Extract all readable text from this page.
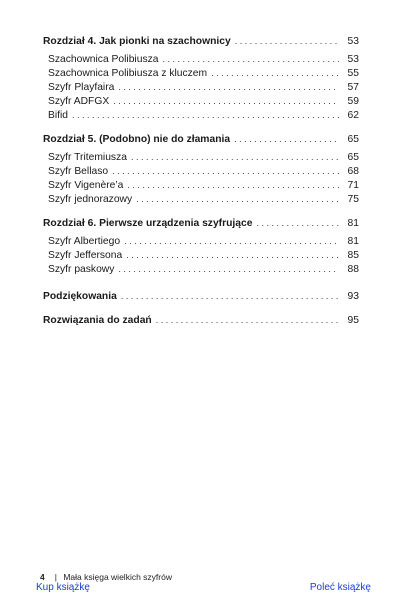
Rozdział 4. Jak pionki na szachownicy . . .	53
Szachownica Polibiusza . . .	53
Szachownica Polibiusza z kluczem . . .	55
Szyfr Playfaira . . .	57
Szyfr ADFGX . . .	59
Bifid . . .	62
Rozdział 5. (Podobno) nie do złamania . . .	65
Szyfr Tritemiusza . . .	65
Szyfr Bellaso . . .	68
Szyfr Vigenère’a . . .	71
Szyfr jednorazowy . . .	75
Rozdział 6. Pierwsze urządzenia szyfrujące . . .	81
Szyfr Albertiego . . .	81
Szyfr Jeffersona . . .	85
Szyfr paskowy . . .	88
Podziękowania . . .	93
Rozwiązania do zadań . . .	95
4 | Mała księga wielkich szyfrów
Kup książkę	Poleć książkę
